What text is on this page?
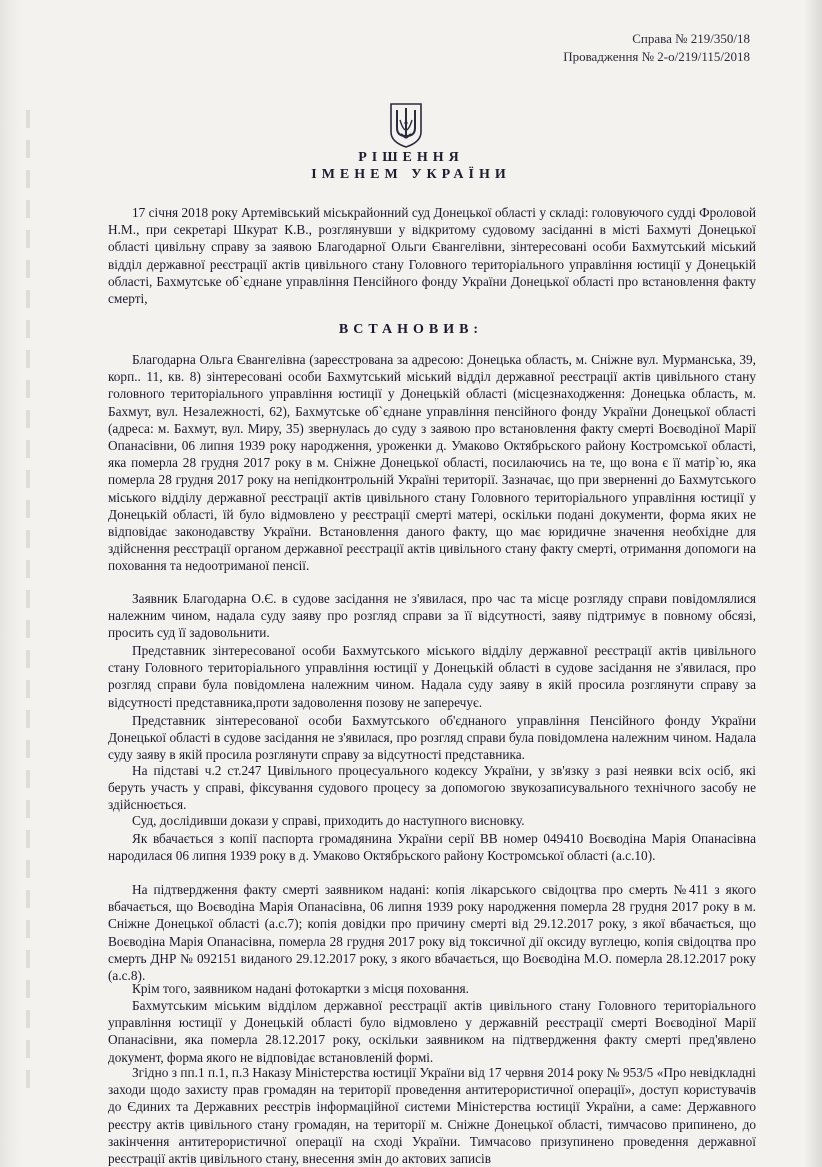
Справа № 219/350/18
Провадження № 2-о/219/115/2018
РІШЕННЯ
ІМЕНЕМ УКРАЇНИ

17 січня 2018 року Артемівський міськрайонний суд Донецької області у складі: головуючого судді Фроловой Н.М., при секретарі Шкурат К.В., розглянувши у відкритому судовому засіданні в місті Бахмуті Донецької області цивільну справу за заявою Благодарної Ольги Євангелівни, зінтересовані особи Бахмутський міський відділ державної реєстрації актів цивільного стану Головного територіального управління юстиції у Донецькій області, Бахмутське об`єднане управління Пенсійного фонду України Донецької області про встановлення факту смерті,

ВСТАНОВИВ:

Благодарна Ольга Євангелівна (зареєстрована за адресою: Донецька область, м. Сніжне вул. Мурманська, 39, корп.. 11, кв. 8) зінтересовані особи Бахмутський міський відділ державної реєстрації актів цивільного стану головного територіального управління юстиції у Донецькій області (місцезнаходження: Донецька область, м. Бахмут, вул. Незалежності, 62), Бахмутське об`єднане управління пенсійного фонду України Донецької області (адреса: м. Бахмут, вул. Миру, 35) звернулась до суду з заявою про встановлення факту смерті Воєводіної Марії Опанасівни, 06 липня 1939 року народження, уроженки д. Умаково Октябрьского району Костромської області, яка померла 28 грудня 2017 року в м. Сніжне Донецької області, посилаючись на те, що вона є її матір`ю, яка померла 28 грудня 2017 року на непідконтрольній Україні території. Зазначає, що при зверненні до Бахмутського міського відділу державної реєстрації актів цивільного стану Головного територіального управління юстиції у Донецькій області, їй було відмовлено у реєстрації смерті матері, оскільки подані документи, форма яких не відповідає законодавству України. Встановлення даного факту, що має юридичне значення необхідне для здійснення реєстрації органом державної реєстрації актів цивільного стану факту смерті, отримання допомоги на поховання та недоотриманої пенсії.

Заявник Благодарна О.Є. в судове засідання не з'явилася, про час та місце розгляду справи повідомлялися належним чином, надала суду заяву про розгляд справи за її відсутності, заяву підтримує в повному обсязі, просить суд її задовольнити.

Представник зінтересованої особи Бахмутського міського відділу державної реєстрації актів цивільного стану Головного територіального управління юстиції у Донецькій області в судове засідання не з'явилася, про розгляд справи була повідомлена належним чином. Надала суду заяву в якій просила розглянути справу за відсутності представника,проти задоволення позову не заперечує.

Представник зінтересованої особи Бахмутського об'єднаного управління Пенсійного фонду України Донецької області в судове засідання не з'явилася, про розгляд справи була повідомлена належним чином. Надала суду заяву в якій просила розглянути справу за відсутності представника.

На підставі ч.2 ст.247 Цивільного процесуального кодексу України, у зв'язку з разі неявки всіх осіб, які беруть участь у справі, фіксування судового процесу за допомогою звукозаписувального технічного засобу не здійснюється.

Суд, дослідивши докази у справі, приходить до наступного висновку.

Як вбачається з копії паспорта громадянина України серії ВВ номер 049410 Воєводіна Марія Опанасівна народилася 06 липня 1939 року в д. Умаково Октябрьского району Костромської області (а.с.10).

На підтвердження факту смерті заявником надані: копія лікарського свідоцтва про смерть №411 з якого вбачається, що Воєводіна Марія Опанасівна, 06 липня 1939 року народження померла 28 грудня 2017 року в м. Сніжне Донецької області (а.с.7); копія довідки про причину смерті від 29.12.2017 року, з якої вбачається, що Воєводіна Марія Опанасівна, померла 28 грудня 2017 року від токсичної дії оксиду вуглецю, копія свідоцтва про смерть ДНР № 092151 виданого 29.12.2017 року, з якого вбачається, що Воєводіна М.О. померла 28.12.2017 року (а.с.8).

Крім того, заявником надані фотокартки з місця поховання.

Бахмутським міським відділом державної реєстрації актів цивільного стану Головного територіального управління юстиції у Донецькій області було відмовлено у державній реєстрації смерті Воєводіної Марії Опанасівни, яка померла 28.12.2017 року, оскільки заявником на підтвердження факту смерті пред'явлено документ, форма якого не відповідає встановленій формі.

Згідно з пп.1 п.1, п.3 Наказу Міністерства юстиції України від 17 червня 2014 року № 953/5 «Про невідкладні заходи щодо захисту прав громадян на території проведення антитерористичної операції», доступ користувачів до Єдиних та Державних реєстрів інформаційної системи Міністерства юстиції України, а саме: Державного реєстру актів цивільного стану громадян, на території м. Сніжне Донецької області, тимчасово припинено, до закінчення антитерористичної операції на сході України. Тимчасово призупинено проведення державної реєстрації актів цивільного стану, внесення змін до актових записів
